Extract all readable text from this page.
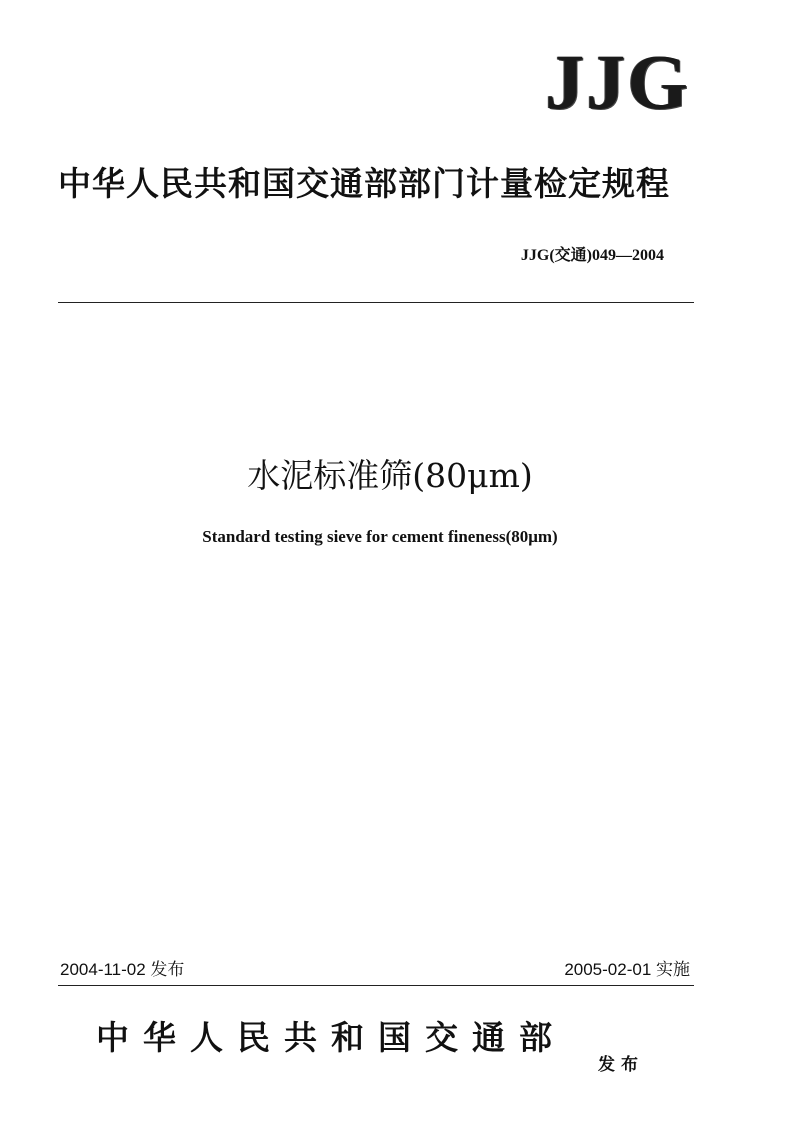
JJG
中华人民共和国交通部部门计量检定规程
JJG(交通)049—2004
水泥标准筛(80μm)
Standard testing sieve for cement fineness(80μm)
2004-11-02 发布	2005-02-01 实施
中华人民共和国交通部
发布
